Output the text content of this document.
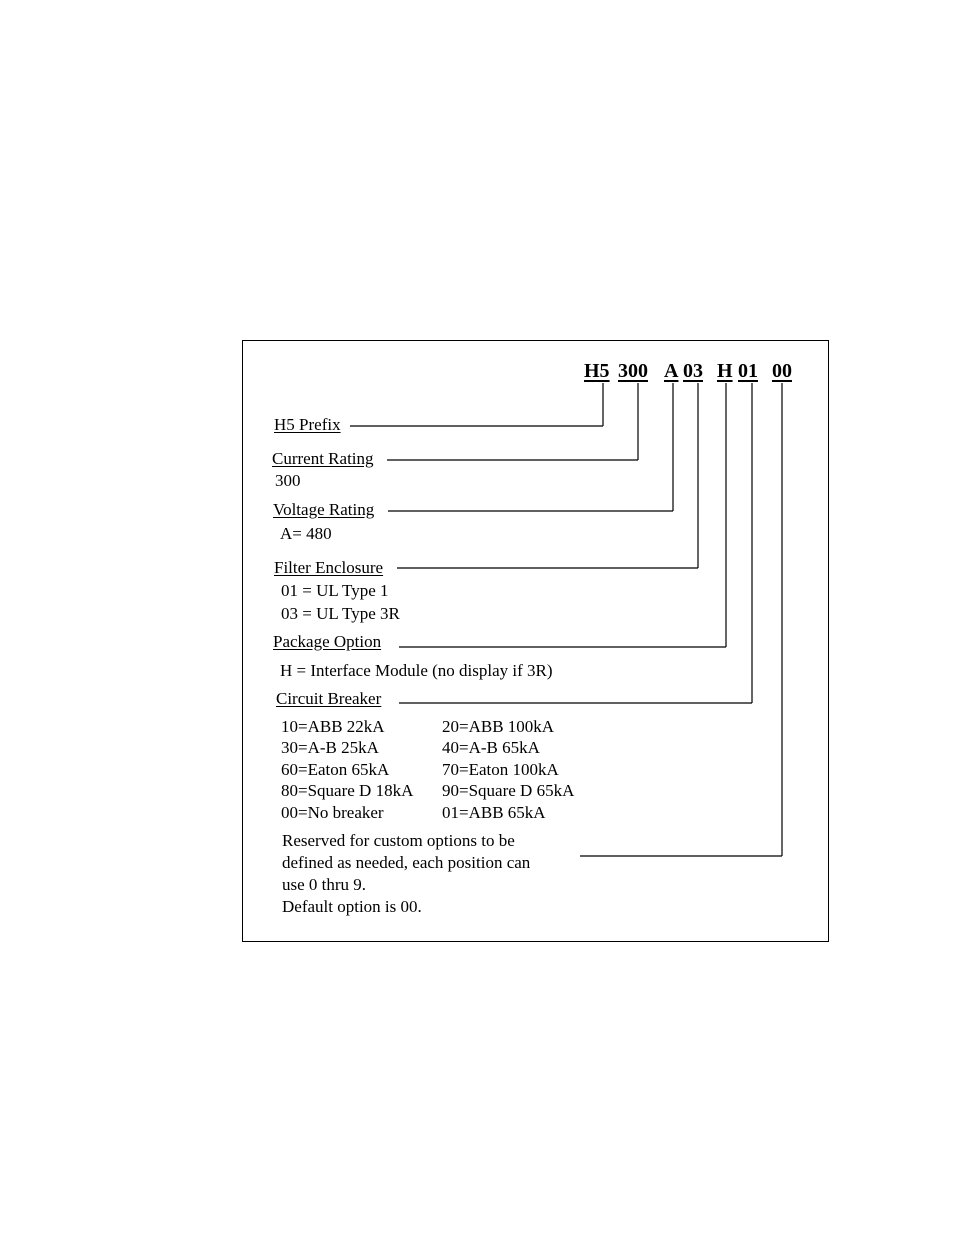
H5 300 A 03 H 01 00
H5 Prefix
Current Rating
300
Voltage Rating
A= 480
Filter Enclosure
01 = UL Type 1
03 = UL Type 3R
Package Option
H = Interface Module (no display if 3R)
Circuit Breaker
10=ABB 22kA
30=A-B 25kA
60=Eaton 65kA
80=Square D 18kA
00=No breaker
20=ABB 100kA
40=A-B 65kA
70=Eaton 100kA
90=Square D 65kA
01=ABB 65kA
Reserved for custom options to be
defined as needed, each position can
use 0 thru 9.
Default option is 00.
